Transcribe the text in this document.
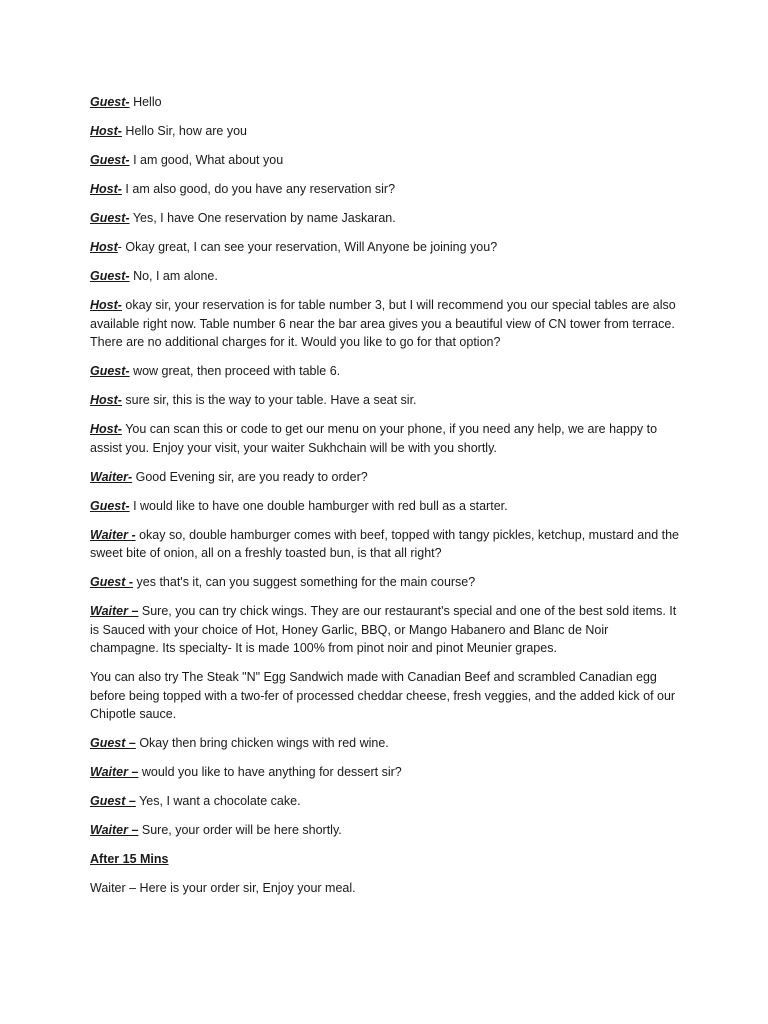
Guest- Hello

Host- Hello Sir, how are you

Guest- I am good, What about you

Host- I am also good, do you have any reservation sir?

Guest- Yes, I have One reservation by name Jaskaran.

Host- Okay great, I can see your reservation, Will Anyone be joining you?

Guest- No, I am alone.

Host- okay sir, your reservation is for table number 3, but I will recommend you our special tables are also available right now. Table number 6 near the bar area gives you a beautiful view of CN tower from terrace. There are no additional charges for it. Would you like to go for that option?

Guest- wow great, then proceed with table 6.

Host- sure sir, this is the way to your table. Have a seat sir.

Host- You can scan this or code to get our menu on your phone, if you need any help, we are happy to assist you. Enjoy your visit, your waiter Sukhchain will be with you shortly.

Waiter- Good Evening sir, are you ready to order?

Guest- I would like to have one double hamburger with red bull as a starter.

Waiter - okay so, double hamburger comes with beef, topped with tangy pickles, ketchup, mustard and the sweet bite of onion, all on a freshly toasted bun, is that all right?

Guest - yes that's it, can you suggest something for the main course?

Waiter – Sure, you can try chick wings. They are our restaurant's special and one of the best sold items. It is Sauced with your choice of Hot, Honey Garlic, BBQ, or Mango Habanero and Blanc de Noir champagne. Its specialty- It is made 100% from pinot noir and pinot Meunier grapes.

You can also try The Steak "N" Egg Sandwich made with Canadian Beef and scrambled Canadian egg before being topped with a two-fer of processed cheddar cheese, fresh veggies, and the added kick of our Chipotle sauce.

Guest – Okay then bring chicken wings with red wine.

Waiter – would you like to have anything for dessert sir?

Guest – Yes, I want a chocolate cake.

Waiter – Sure, your order will be here shortly.

After 15 Mins

Waiter – Here is your order sir, Enjoy your meal.
